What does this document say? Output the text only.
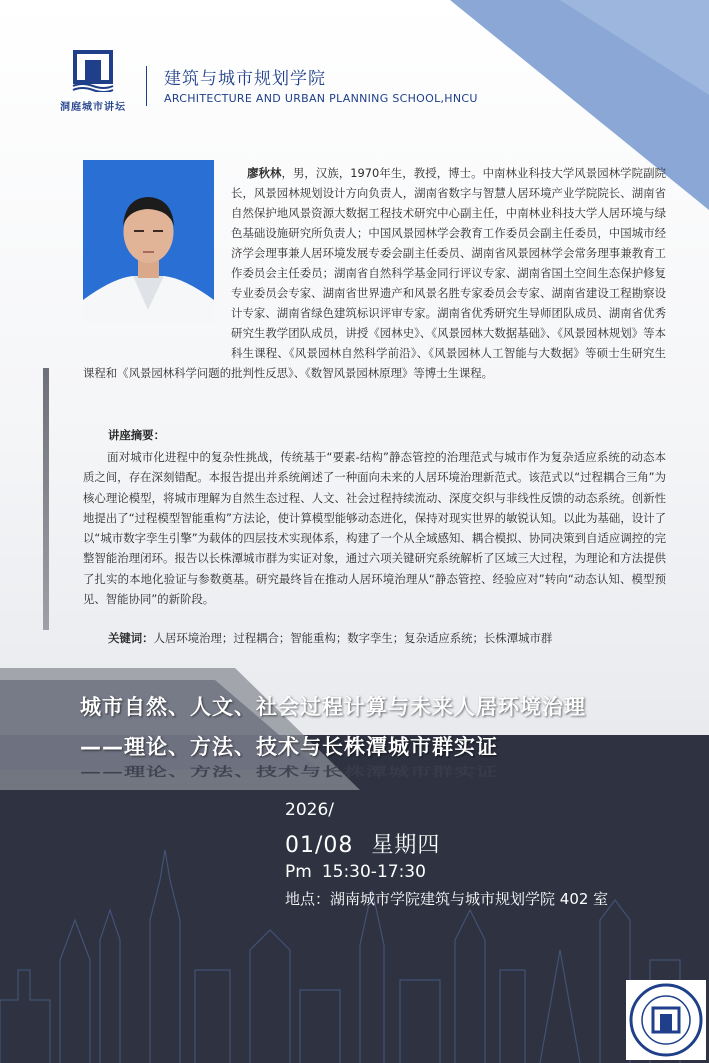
洞庭城市讲坛
建筑与城市规划学院
ARCHITECTURE AND URBAN PLANNING SCHOOL,HNCU
廖秋林，男，汉族，1970年生，教授，博士。中南林业科技大学风景园林学院副院长，风景园林规划设计方向负责人，湖南省数字与智慧人居环境产业学院院长、湖南省自然保护地风景资源大数据工程技术研究中心副主任，中南林业科技大学人居环境与绿色基础设施研究所负责人；中国风景园林学会教育工作委员会副主任委员，中国城市经济学会理事兼人居环境发展专委会副主任委员、湖南省风景园林学会常务理事兼教育工作委员会主任委员；湖南省自然科学基金同行评议专家、湖南省国土空间生态保护修复专业委员会专家、湖南省世界遗产和风景名胜专家委员会专家、湖南省建设工程勘察设计专家、湖南省绿色建筑标识评审专家。湖南省优秀研究生导师团队成员、湖南省优秀研究生教学团队成员，讲授《园林史》、《风景园林大数据基础》、《风景园林规划》等本科生课程、《风景园林自然科学前沿》、《风景园林人工智能与大数据》等硕士生研究生课程和《风景园林科学问题的批判性反思》、《数智风景园林原理》等博士生课程。
讲座摘要：
面对城市化进程中的复杂性挑战，传统基于“要素-结构”静态管控的治理范式与城市作为复杂适应系统的动态本质之间，存在深刻错配。本报告提出并系统阐述了一种面向未来的人居环境治理新范式。该范式以“过程耦合三角”为核心理论模型，将城市理解为自然生态过程、人文、社会过程持续流动、深度交织与非线性反馈的动态系统。创新性地提出了“过程模型智能重构”方法论，使计算模型能够动态进化，保持对现实世界的敏锐认知。以此为基础，设计了以“城市数字孪生引擎”为载体的四层技术实现体系，构建了一个从全域感知、耦合模拟、协同决策到自适应调控的完整智能治理闭环。报告以长株潭城市群为实证对象，通过六项关键研究系统解析了区域三大过程，为理论和方法提供了扎实的本地化验证与参数奠基。研究最终旨在推动人居环境治理从“静态管控、经验应对”转向“动态认知、模型预见、智能协同”的新阶段。
关键词：人居环境治理；过程耦合；智能重构；数字孪生；复杂适应系统；长株潭城市群
——理论、方法、技术与长株潭城市群实证
城市自然、人文、社会过程计算与未来人居环境治理
——理论、方法、技术与长株潭城市群实证
2026/
01/08 星期四
Pm 15:30-17:30
地点：湖南城市学院建筑与城市规划学院 402 室
